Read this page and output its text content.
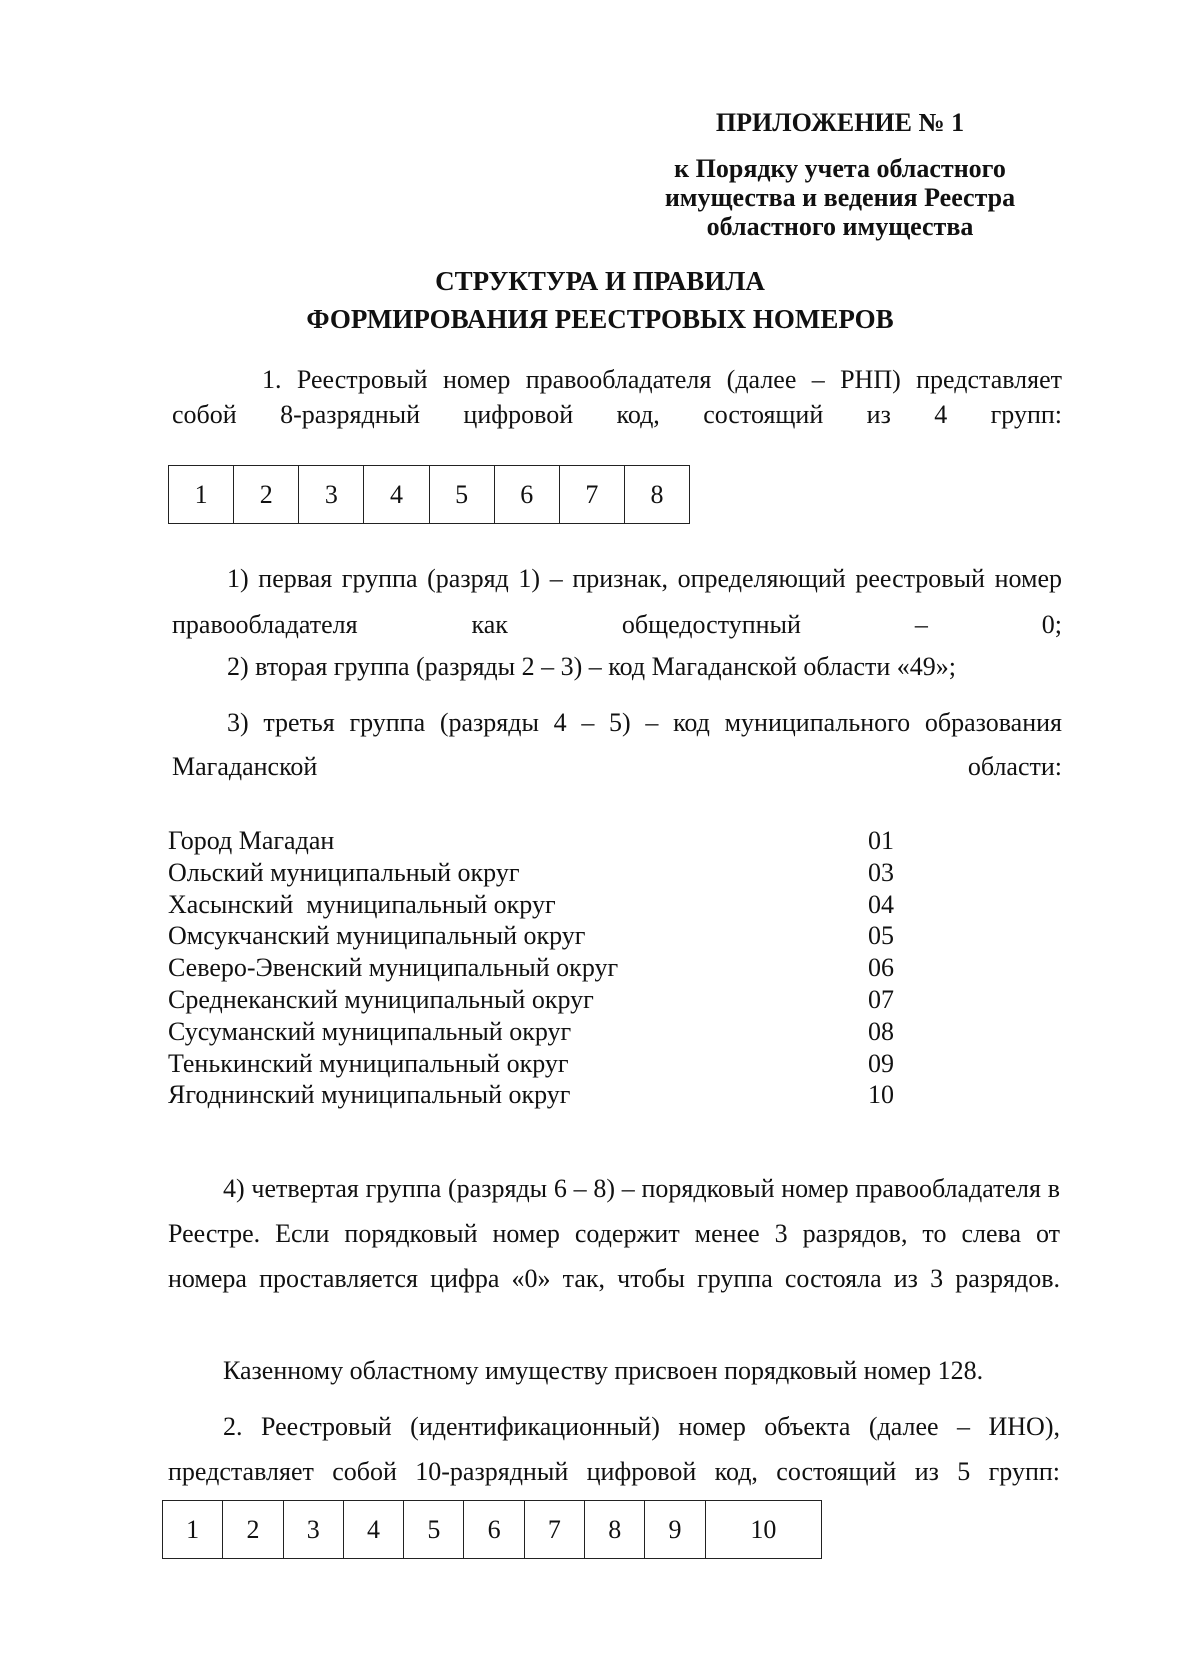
ПРИЛОЖЕНИЕ № 1
к Порядку учета областного
имущества и ведения Реестра
областного имущества
СТРУКТУРА И ПРАВИЛА
ФОРМИРОВАНИЯ РЕЕСТРОВЫХ НОМЕРОВ
1. Реестровый номер правообладателя (далее – РНП) представляет собой 8-разрядный цифровой код, состоящий из 4 групп:
1	2	3	4	5	6	7	8
1) первая группа (разряд 1) – признак, определяющий реестровый номер правообладателя как общедоступный – 0;
2) вторая группа (разряды 2 – 3) – код Магаданской области «49»;
3) третья группа (разряды 4 – 5) – код муниципального образования Магаданской области:
Город Магадан	01
Ольский муниципальный округ	03
Хасынский  муниципальный округ	04
Омсукчанский муниципальный округ	05
Северо-Эвенский муниципальный округ	06
Среднеканский муниципальный округ	07
Сусуманский муниципальный округ	08
Тенькинский муниципальный округ	09
Ягоднинский муниципальный округ	10
4) четвертая группа (разряды 6 – 8) – порядковый номер правообладателя в Реестре. Если порядковый номер содержит менее 3 разрядов, то слева от номера проставляется цифра «0» так, чтобы группа состояла из 3 разрядов.
Казенному областному имуществу присвоен порядковый номер 128.
2. Реестровый (идентификационный) номер объекта (далее – ИНО), представляет собой 10-разрядный цифровой код, состоящий из 5 групп:
1	2	3	4	5	6	7	8	9	10
